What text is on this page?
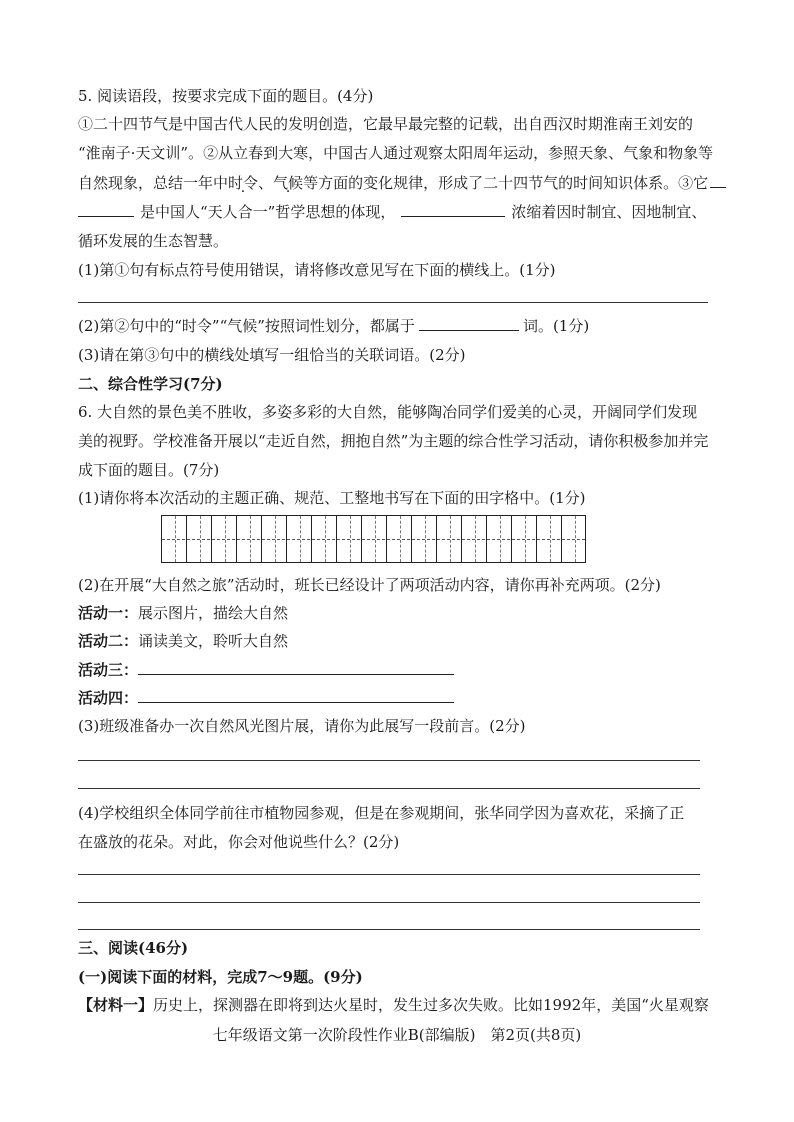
5. 阅读语段，按要求完成下面的题目。(4分)
①二十四节气是中国古代人民的发明创造，它最早最完整的记载，出自西汉时期淮南王刘安的
“淮南子·天文训”。②从立春到大寒，中国古人通过观察太阳周年运动，参照天象、气象和物象等
自然现象，总结一年中时令、气候等方面的变化规律，形成了二十四节气的时间知识体系。③它
是中国人“天人合一”哲学思想的体现，	浓缩着因时制宜、因地制宜、
循环发展的生态智慧。
(1)第①句有标点符号使用错误，请将修改意见写在下面的横线上。(1分)
(2)第②句中的“时令”“气候”按照词性划分，都属于	词。(1分)
(3)请在第③句中的横线处填写一组恰当的关联词语。(2分)
二、综合性学习(7分)
6. 大自然的景色美不胜收，多姿多彩的大自然，能够陶冶同学们爱美的心灵，开阔同学们发现
美的视野。学校准备开展以“走近自然，拥抱自然”为主题的综合性学习活动，请你积极参加并完
成下面的题目。(7分)
(1)请你将本次活动的主题正确、规范、工整地书写在下面的田字格中。(1分)
(2)在开展“大自然之旅”活动时，班长已经设计了两项活动内容，请你再补充两项。(2分)
活动一：展示图片，描绘大自然
活动二：诵读美文，聆听大自然
活动三：
活动四：
(3)班级准备办一次自然风光图片展，请你为此展写一段前言。(2分)
(4)学校组织全体同学前往市植物园参观，但是在参观期间，张华同学因为喜欢花，采摘了正
在盛放的花朵。对此，你会对他说些什么？(2分)
三、阅读(46分)
(一)阅读下面的材料，完成7～9题。(9分)
【材料一】历史上，探测器在即将到达火星时，发生过多次失败。比如1992年，美国“火星观察
七年级语文第一次阶段性作业B(部编版)　第2页(共8页)
